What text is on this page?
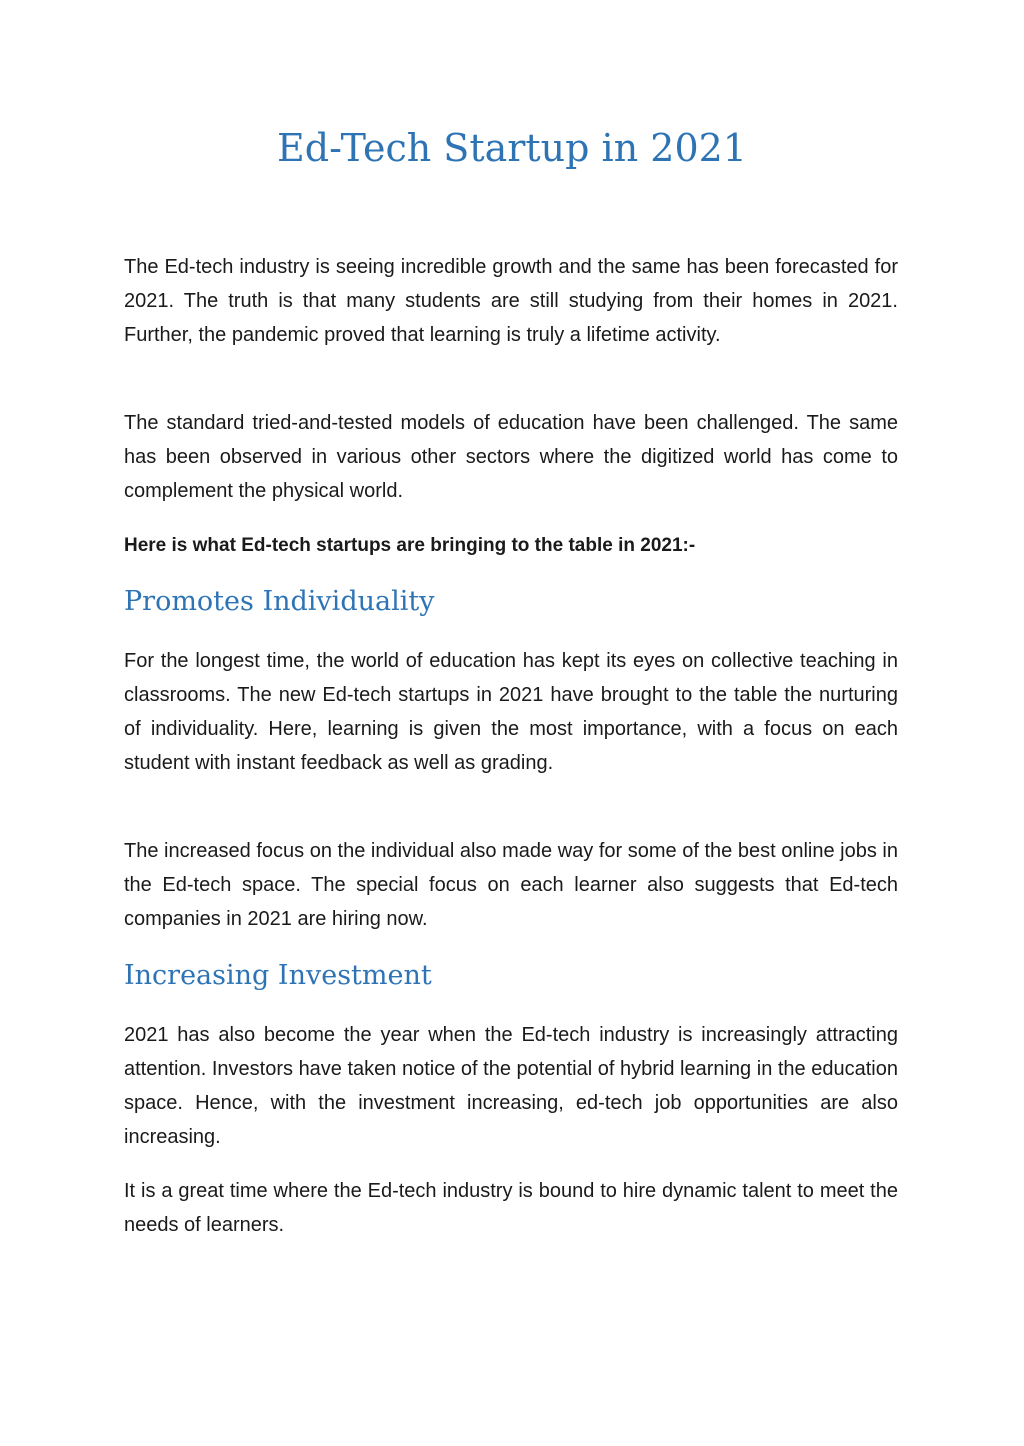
Ed-Tech Startup in 2021

The Ed-tech industry is seeing incredible growth and the same has been forecasted for 2021. The truth is that many students are still studying from their homes in 2021. Further, the pandemic proved that learning is truly a lifetime activity.

The standard tried-and-tested models of education have been challenged. The same has been observed in various other sectors where the digitized world has come to complement the physical world.

Here is what Ed-tech startups are bringing to the table in 2021:-

Promotes Individuality

For the longest time, the world of education has kept its eyes on collective teaching in classrooms. The new Ed-tech startups in 2021 have brought to the table the nurturing of individuality. Here, learning is given the most importance, with a focus on each student with instant feedback as well as grading.

The increased focus on the individual also made way for some of the best online jobs in the Ed-tech space. The special focus on each learner also suggests that Ed-tech companies in 2021 are hiring now.

Increasing Investment

2021 has also become the year when the Ed-tech industry is increasingly attracting attention. Investors have taken notice of the potential of hybrid learning in the education space. Hence, with the investment increasing, ed-tech job opportunities are also increasing.

It is a great time where the Ed-tech industry is bound to hire dynamic talent to meet the needs of learners.
